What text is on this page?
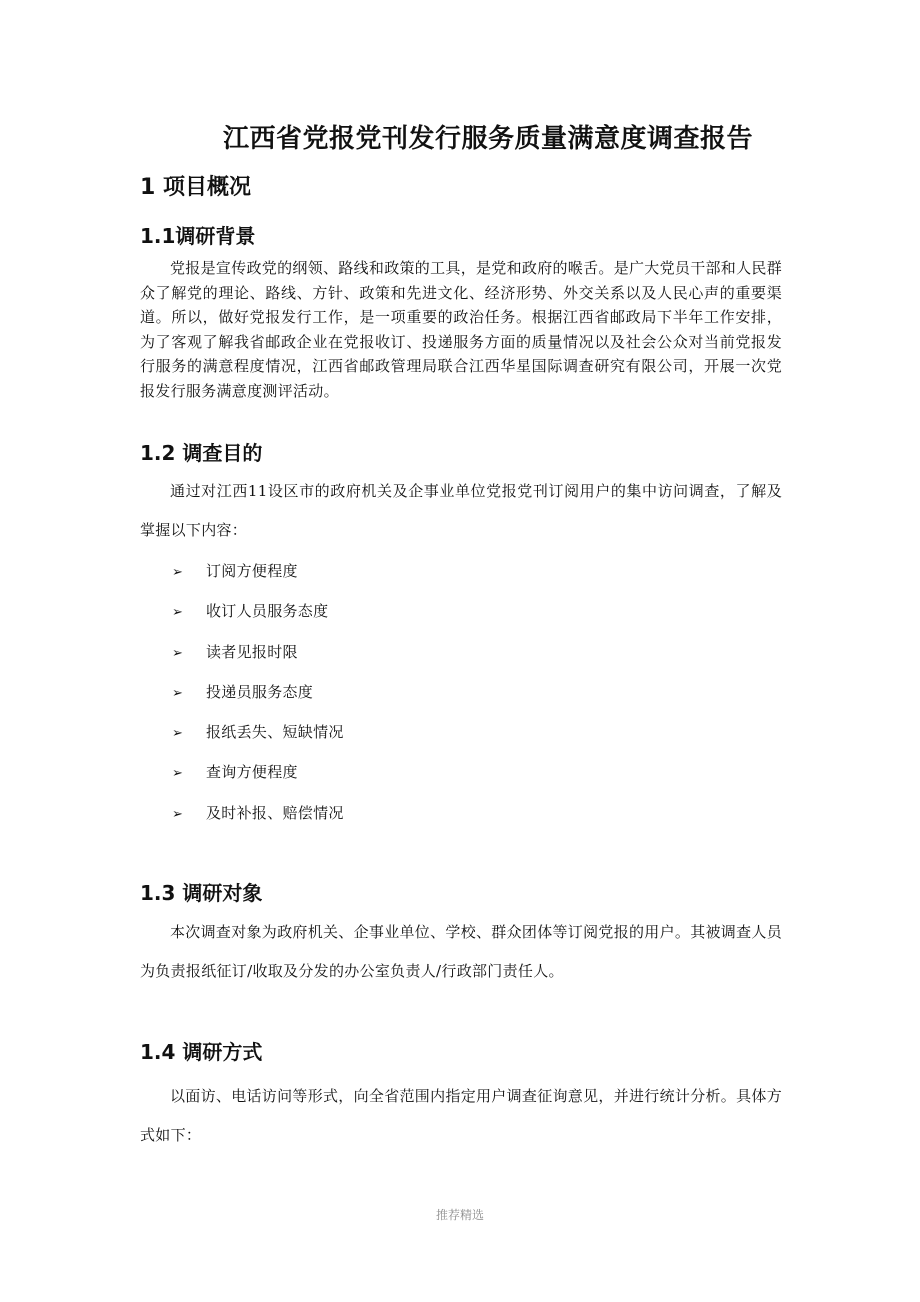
江西省党报党刊发行服务质量满意度调查报告
1 项目概况
1.1调研背景
党报是宣传政党的纲领、路线和政策的工具，是党和政府的喉舌。是广大党员干部和人民群众了解党的理论、路线、方针、政策和先进文化、经济形势、外交关系以及人民心声的重要渠道。所以，做好党报发行工作，是一项重要的政治任务。根据江西省邮政局下半年工作安排，为了客观了解我省邮政企业在党报收订、投递服务方面的质量情况以及社会公众对当前党报发行服务的满意程度情况，江西省邮政管理局联合江西华星国际调查研究有限公司，开展一次党报发行服务满意度测评活动。
1.2 调查目的
通过对江西11设区市的政府机关及企事业单位党报党刊订阅用户的集中访问调查，了解及掌握以下内容：
➢ 订阅方便程度
➢ 收订人员服务态度
➢ 读者见报时限
➢ 投递员服务态度
➢ 报纸丢失、短缺情况
➢ 查询方便程度
➢ 及时补报、赔偿情况
1.3 调研对象
本次调查对象为政府机关、企事业单位、学校、群众团体等订阅党报的用户。其被调查人员为负责报纸征订/收取及分发的办公室负责人/行政部门责任人。
1.4 调研方式
以面访、电话访问等形式，向全省范围内指定用户调查征询意见，并进行统计分析。具体方式如下：
推荐精选
